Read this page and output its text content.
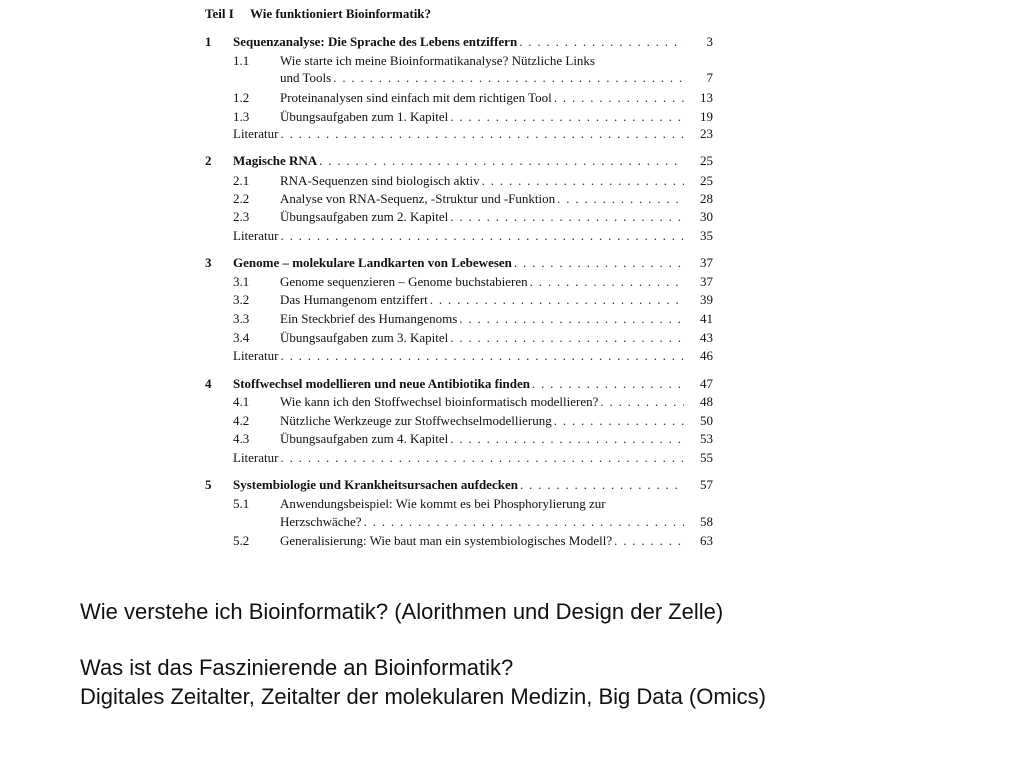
Teil I Wie funktioniert Bioinformatik?
1 Sequenzanalyse: Die Sprache des Lebens entziffern . . .	3
1.1 Wie starte ich meine Bioinformatikanalyse? Nützliche Links
und Tools . . .	7
1.2 Proteinanalysen sind einfach mit dem richtigen Tool . . .	13
1.3 Übungsaufgaben zum 1. Kapitel . . .	19
Literatur . . .	23
2 Magische RNA . . .	25
2.1 RNA-Sequenzen sind biologisch aktiv . . .	25
2.2 Analyse von RNA-Sequenz, -Struktur und -Funktion . . .	28
2.3 Übungsaufgaben zum 2. Kapitel . . .	30
Literatur . . .	35
3 Genome – molekulare Landkarten von Lebewesen . . .	37
3.1 Genome sequenzieren – Genome buchstabieren . . .	37
3.2 Das Humangenom entziffert . . .	39
3.3 Ein Steckbrief des Humangenoms . . .	41
3.4 Übungsaufgaben zum 3. Kapitel . . .	43
Literatur . . .	46
4 Stoffwechsel modellieren und neue Antibiotika finden . . .	47
4.1 Wie kann ich den Stoffwechsel bioinformatisch modellieren? . . .	48
4.2 Nützliche Werkzeuge zur Stoffwechselmodellierung . . .	50
4.3 Übungsaufgaben zum 4. Kapitel . . .	53
Literatur . . .	55
5 Systembiologie und Krankheitsursachen aufdecken . . .	57
5.1 Anwendungsbeispiel: Wie kommt es bei Phosphorylierung zur
Herzschwäche? . . .	58
5.2 Generalisierung: Wie baut man ein systembiologisches Modell? . . .	63
Wie verstehe ich Bioinformatik? (Alorithmen und Design der Zelle)
Was ist das Faszinierende an Bioinformatik?
Digitales Zeitalter, Zeitalter der molekularen Medizin, Big Data (Omics)
